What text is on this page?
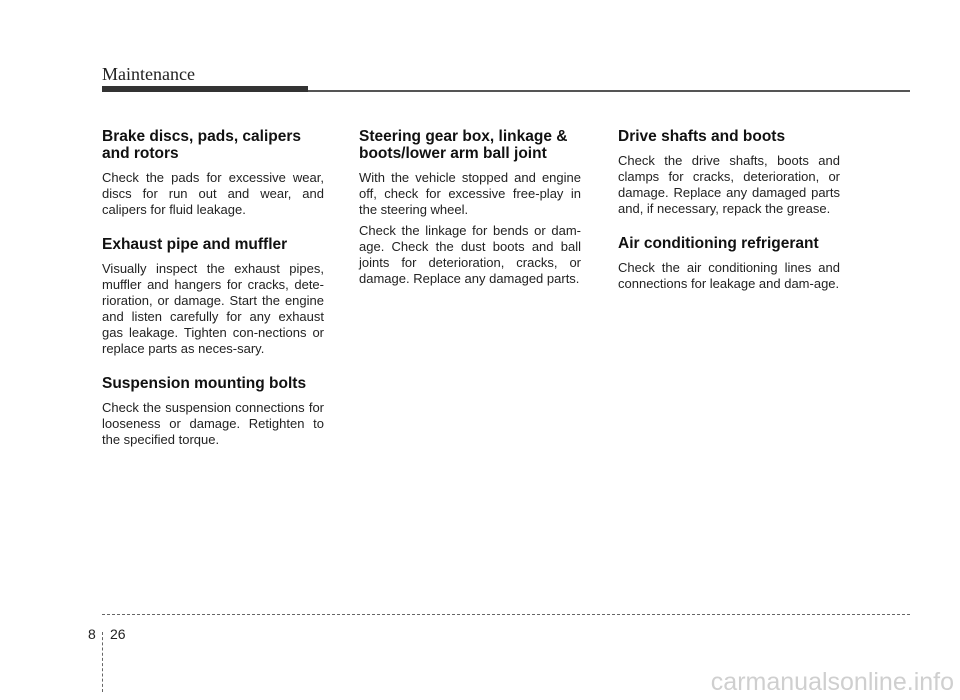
Maintenance
Brake discs, pads, calipers
and rotors

Check the pads for excessive wear, discs for run out and wear, and calipers for fluid leakage.

Exhaust pipe and muffler

Visually inspect the exhaust pipes, muffler and hangers for cracks, dete-rioration, or damage. Start the engine and listen carefully for any exhaust gas leakage. Tighten con-nections or replace parts as neces-sary.

Suspension mounting bolts

Check the suspension connections for looseness or damage. Retighten to the specified torque.

Steering gear box, linkage &
boots/lower arm ball joint

With the vehicle stopped and engine off, check for excessive free-play in the steering wheel.

Check the linkage for bends or dam-age. Check the dust boots and ball joints for deterioration, cracks, or damage. Replace any damaged parts.

Drive shafts and boots

Check the drive shafts, boots and clamps for cracks, deterioration, or damage. Replace any damaged parts and, if necessary, repack the grease.

Air conditioning refrigerant

Check the air conditioning lines and connections for leakage and dam-age.

8 26
carmanualsonline.info
